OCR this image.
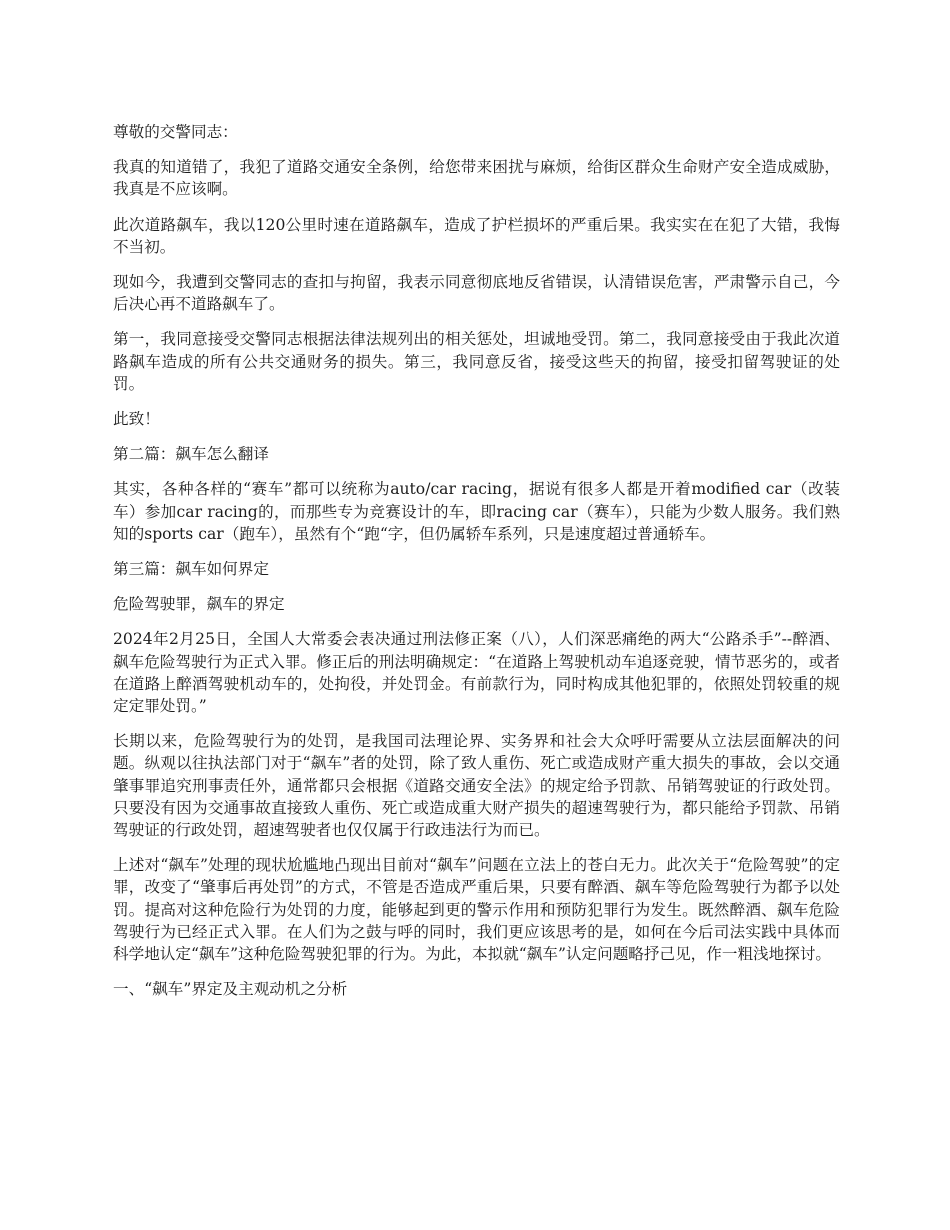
尊敬的交警同志：

我真的知道错了，我犯了道路交通安全条例，给您带来困扰与麻烦，给街区群众生命财产安全造成威胁，我真是不应该啊。

此次道路飙车，我以120公里时速在道路飙车，造成了护栏损坏的严重后果。我实实在在犯了大错，我悔不当初。

现如今，我遭到交警同志的查扣与拘留，我表示同意彻底地反省错误，认清错误危害，严肃警示自己，今后决心再不道路飙车了。

第一，我同意接受交警同志根据法律法规列出的相关惩处，坦诚地受罚。第二，我同意接受由于我此次道路飙车造成的所有公共交通财务的损失。第三，我同意反省，接受这些天的拘留，接受扣留驾驶证的处罚。

此致！

第二篇：飙车怎么翻译

其实，各种各样的“赛车”都可以统称为auto/car racing，据说有很多人都是开着modified car（改装车）参加car racing的，而那些专为竞赛设计的车，即racing car（赛车），只能为少数人服务。我们熟知的sports car（跑车），虽然有个“跑“字，但仍属轿车系列，只是速度超过普通轿车。

第三篇：飙车如何界定

危险驾驶罪，飙车的界定

2024年2月25日，全国人大常委会表决通过刑法修正案（八），人们深恶痛绝的两大“公路杀手”--醉酒、飙车危险驾驶行为正式入罪。修正后的刑法明确规定：“在道路上驾驶机动车追逐竞驶，情节恶劣的，或者在道路上醉酒驾驶机动车的，处拘役，并处罚金。有前款行为，同时构成其他犯罪的，依照处罚较重的规定定罪处罚。”

长期以来，危险驾驶行为的处罚，是我国司法理论界、实务界和社会大众呼吁需要从立法层面解决的问题。纵观以往执法部门对于“飙车”者的处罚，除了致人重伤、死亡或造成财产重大损失的事故，会以交通肇事罪追究刑事责任外，通常都只会根据《道路交通安全法》的规定给予罚款、吊销驾驶证的行政处罚。只要没有因为交通事故直接致人重伤、死亡或造成重大财产损失的超速驾驶行为，都只能给予罚款、吊销驾驶证的行政处罚，超速驾驶者也仅仅属于行政违法行为而已。

上述对“飙车”处理的现状尬尴地凸现出目前对“飙车”问题在立法上的苍白无力。此次关于“危险驾驶”的定罪，改变了“肇事后再处罚”的方式，不管是否造成严重后果，只要有醉酒、飙车等危险驾驶行为都予以处罚。提高对这种危险行为处罚的力度，能够起到更的警示作用和预防犯罪行为发生。既然醉酒、飙车危险驾驶行为已经正式入罪。在人们为之鼓与呼的同时，我们更应该思考的是，如何在今后司法实践中具体而科学地认定“飙车”这种危险驾驶犯罪的行为。为此，本拟就“飙车”认定问题略抒己见，作一粗浅地探讨。

一、“飙车”界定及主观动机之分析
